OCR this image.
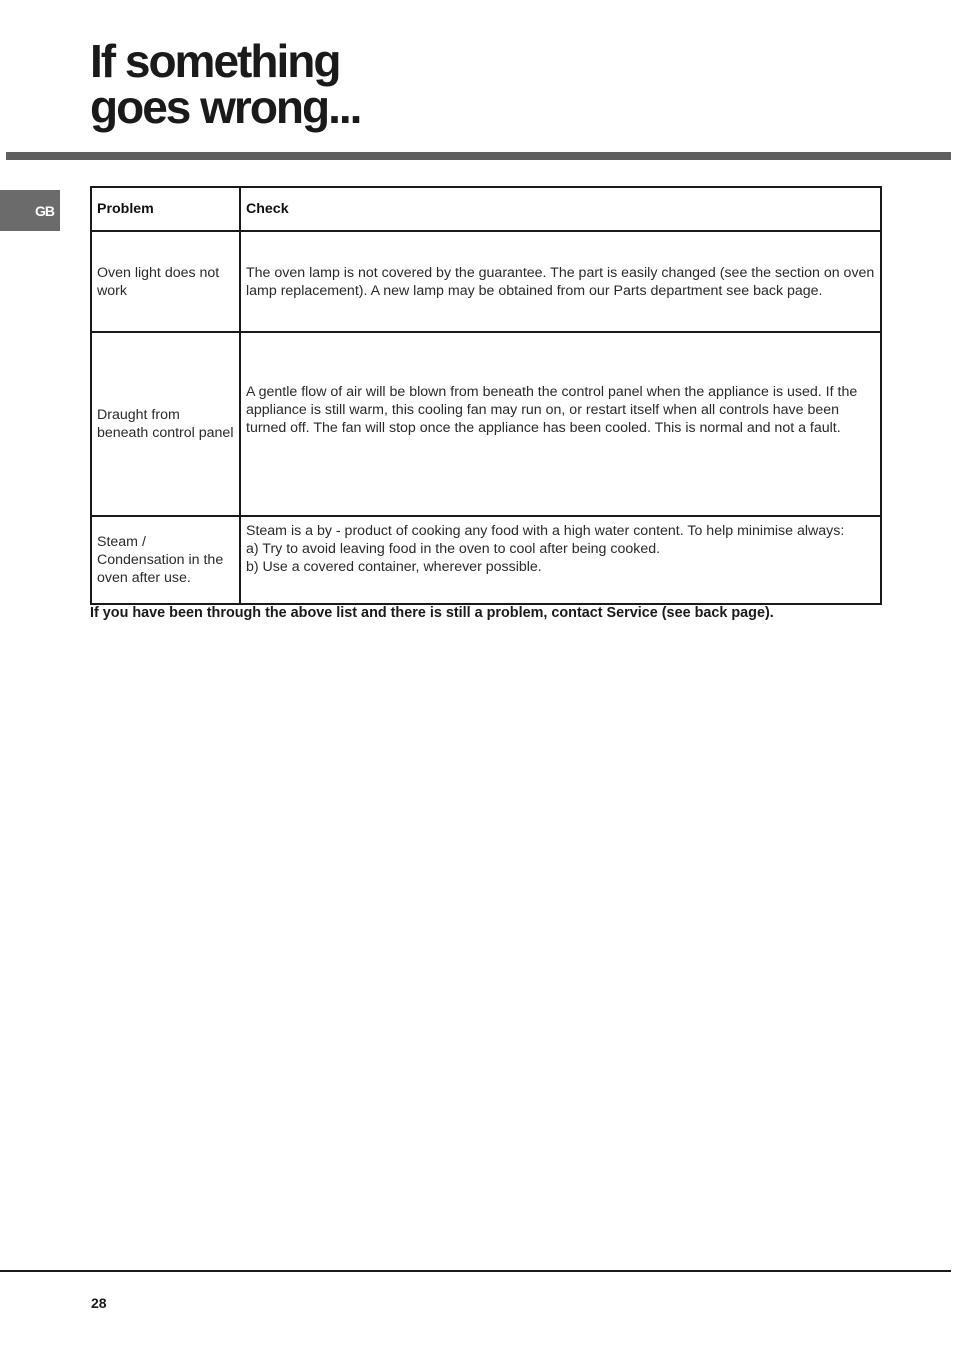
If something
goes wrong...
GB	Problem	Check
Oven light does not work	The oven lamp is not covered by the guarantee. The part is easily changed (see the section on oven lamp replacement). A new lamp may be obtained from our Parts department see back page.
Draught from beneath control panel	A gentle flow of air will be blown from beneath the control panel when the appliance is used. If the appliance is still warm, this cooling fan may run on, or restart itself when all controls have been turned off. The fan will stop once the appliance has been cooled. This is normal and not a fault.
Steam / Condensation in the oven after use.	Steam is a by - product of cooking any food with a high water content. To help minimise always:
a) Try to avoid leaving food in the oven to cool after being cooked.
b) Use a covered container, wherever possible.

If you have been through the above list and there is still a problem, contact Service (see back page).

28
